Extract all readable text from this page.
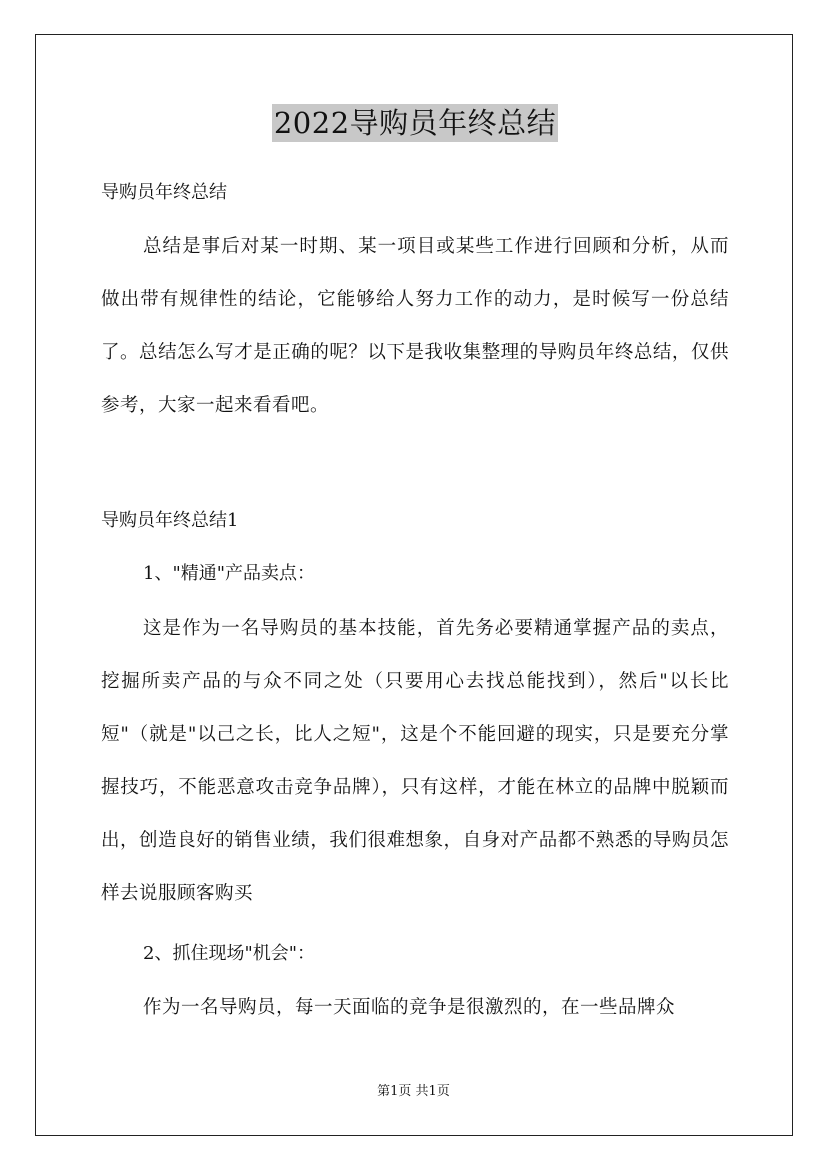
2022导购员年终总结
导购员年终总结

总结是事后对某一时期、某一项目或某些工作进行回顾和分析，从而做出带有规律性的结论，它能够给人努力工作的动力，是时候写一份总结了。总结怎么写才是正确的呢？以下是我收集整理的导购员年终总结，仅供参考，大家一起来看看吧。

导购员年终总结1
1、"精通"产品卖点：

这是作为一名导购员的基本技能，首先务必要精通掌握产品的卖点，挖掘所卖产品的与众不同之处（只要用心去找总能找到），然后"以长比短"（就是"以己之长，比人之短"，这是个不能回避的现实，只是要充分掌握技巧，不能恶意攻击竞争品牌），只有这样，才能在林立的品牌中脱颖而出，创造良好的销售业绩，我们很难想象，自身对产品都不熟悉的导购员怎样去说服顾客购买

2、抓住现场"机会"：

作为一名导购员，每一天面临的竞争是很激烈的，在一些品牌众

第1页 共1页
